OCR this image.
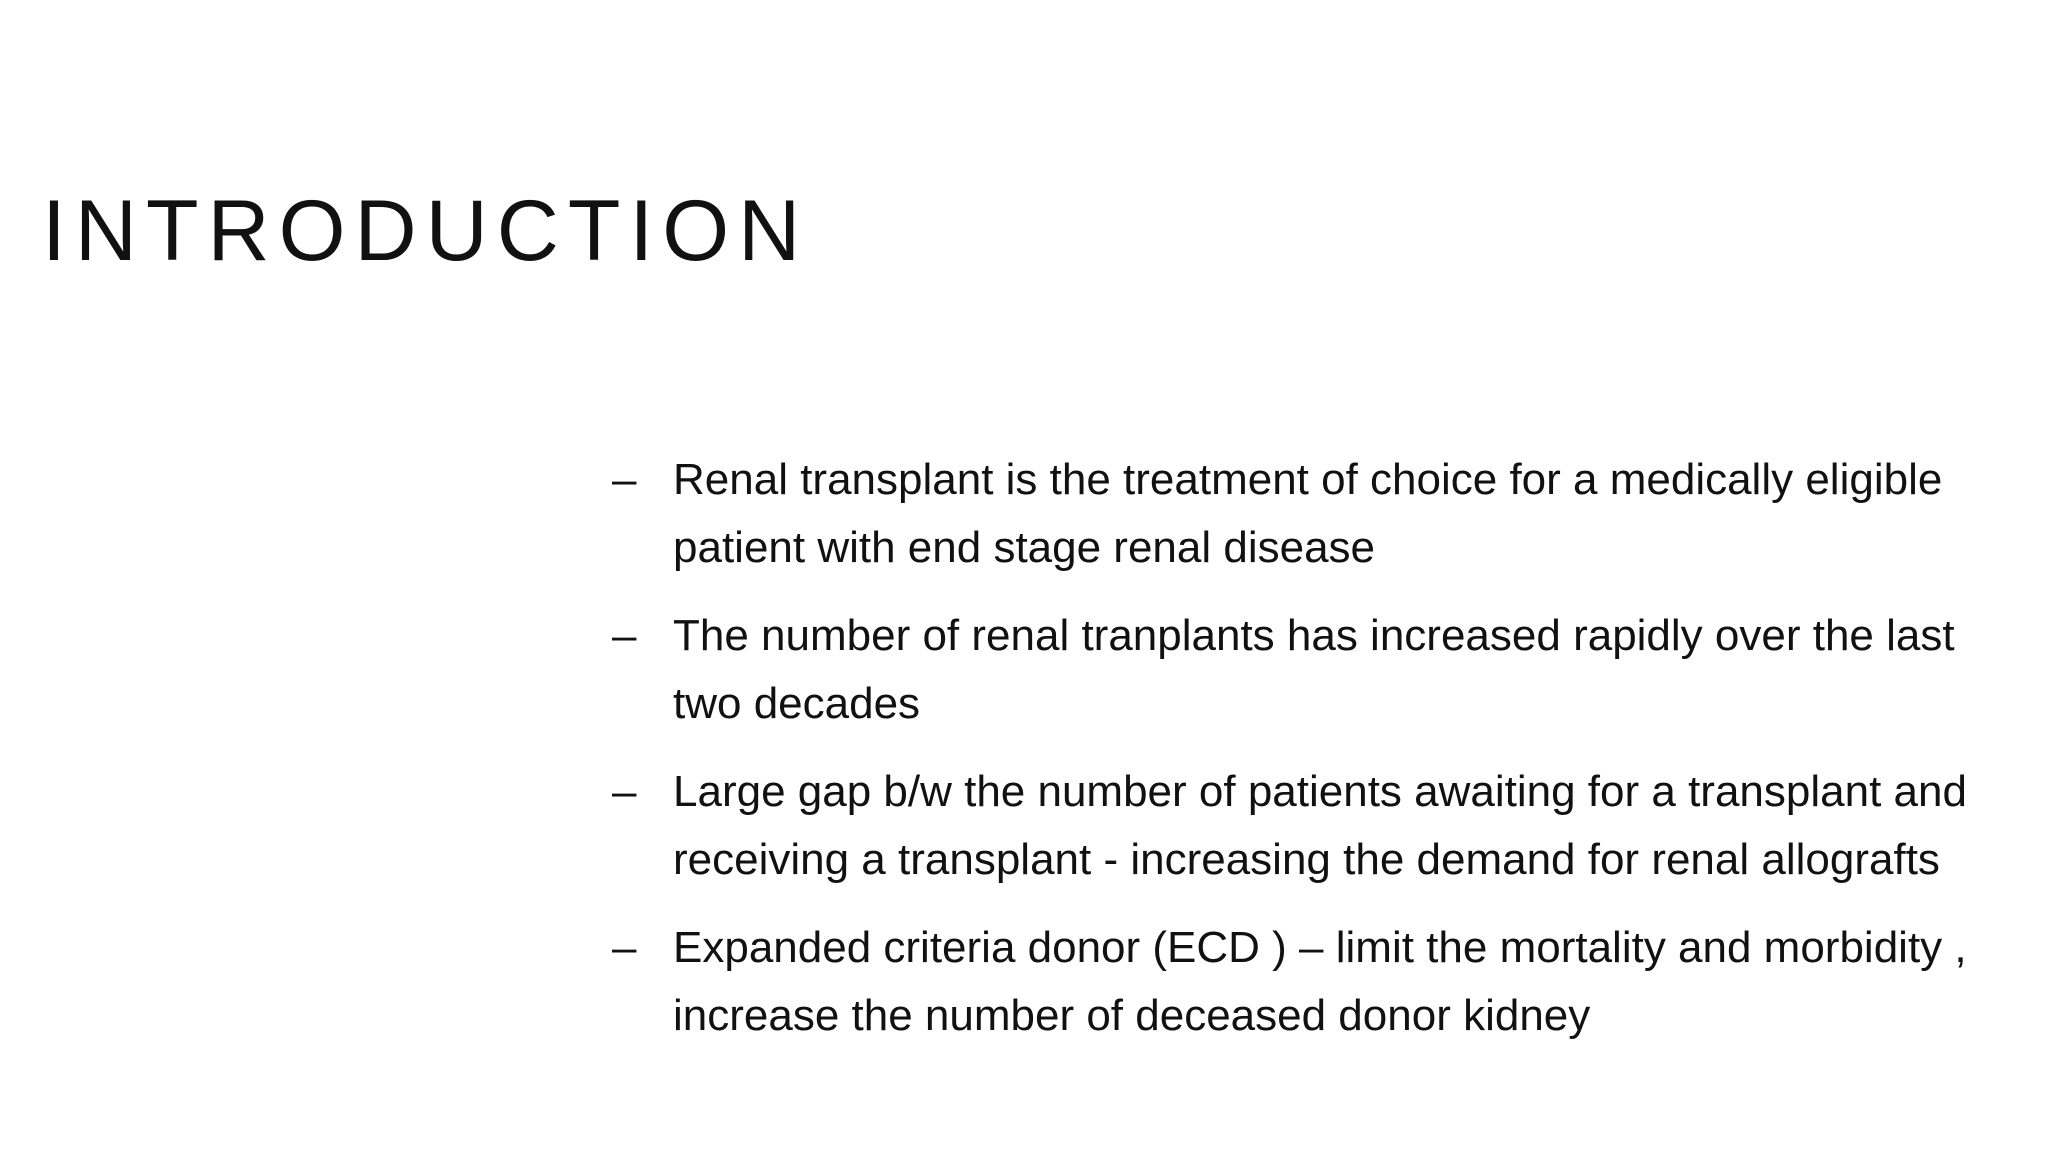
INTRODUCTION
– Renal transplant is the treatment of choice for a medically eligible patient with end stage renal disease
– The number of renal tranplants has increased rapidly over the last two decades
– Large gap b/w the number of patients awaiting for a transplant and receiving a transplant - increasing the demand for renal allografts
– Expanded criteria donor (ECD ) – limit the mortality and morbidity , increase the number of deceased donor kidney
